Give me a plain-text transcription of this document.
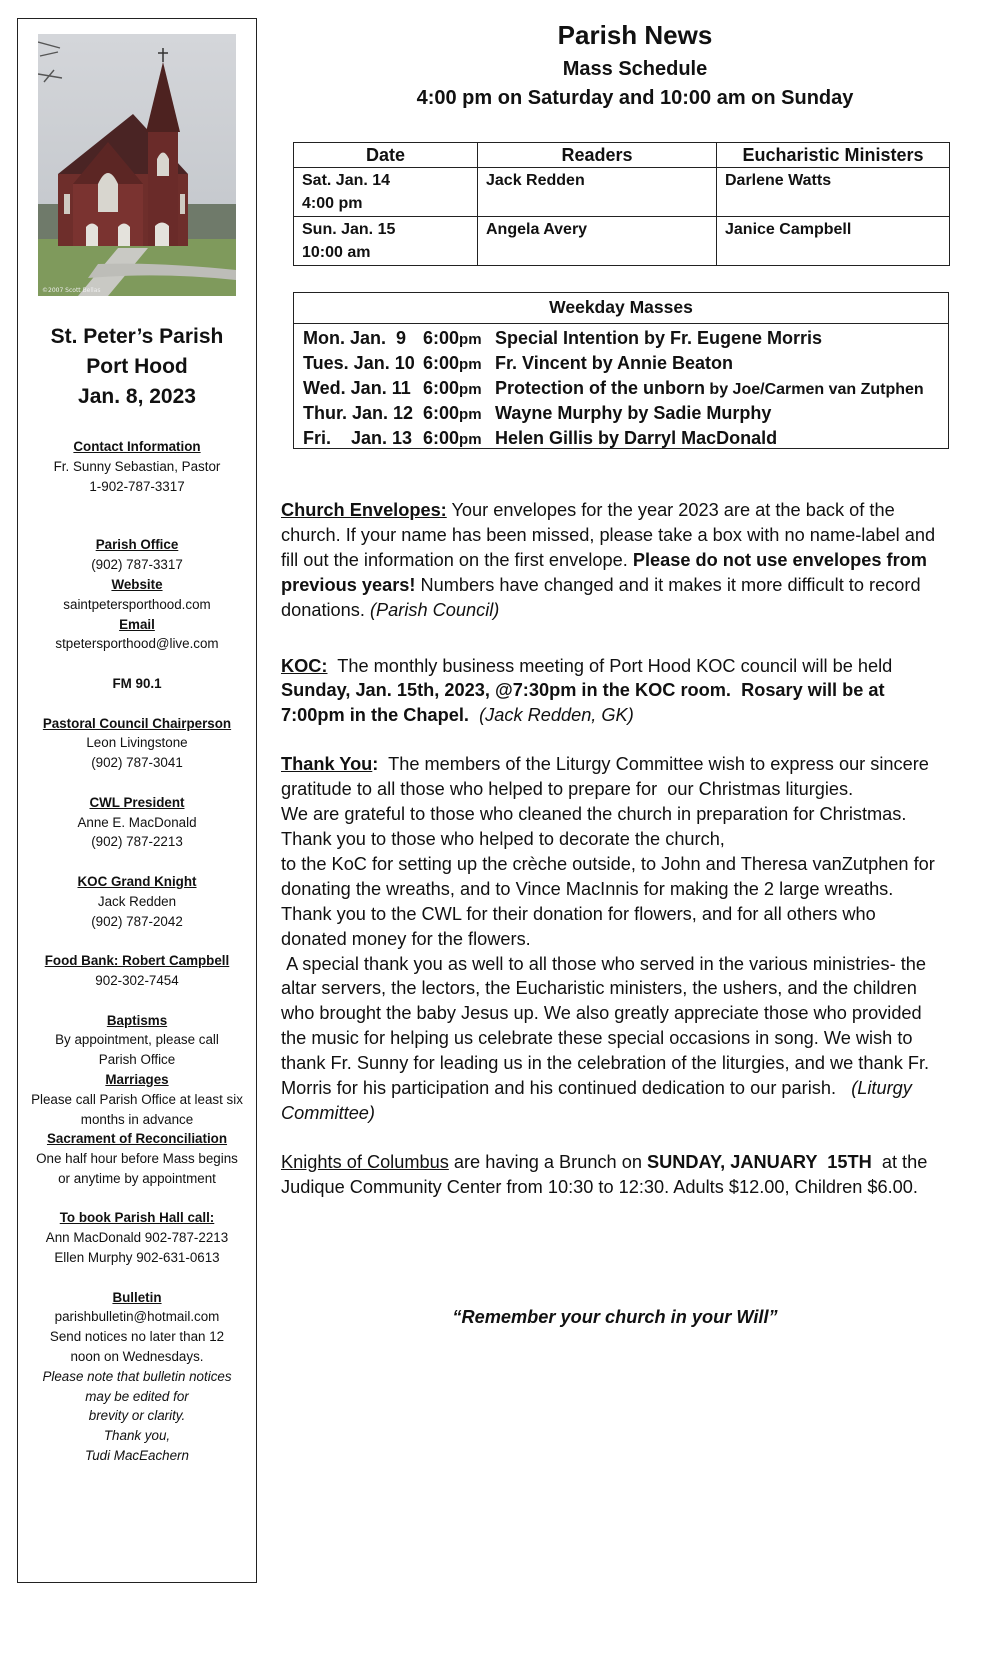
©2007 Scott Bellas
St. Peter’s Parish
Port Hood
Jan. 8, 2023
Contact Information
Fr. Sunny Sebastian, Pastor
1-902-787-3317
Parish Office
(902) 787-3317
Website
saintpetersporthood.com
Email
stpetersporthood@live.com
FM 90.1
Pastoral Council Chairperson
Leon Livingstone
(902) 787-3041
CWL President
Anne E. MacDonald
(902) 787-2213
KOC Grand Knight
Jack Redden
(902) 787-2042
Food Bank: Robert Campbell
902-302-7454
Baptisms
By appointment, please call
Parish Office
Marriages
Please call Parish Office at least six
months in advance
Sacrament of Reconciliation
One half hour before Mass begins
or anytime by appointment
To book Parish Hall call:
Ann MacDonald 902-787-2213
Ellen Murphy 902-631-0613
Bulletin
parishbulletin@hotmail.com
Send notices no later than 12
noon on Wednesdays.
Please note that bulletin notices
may be edited for
brevity or clarity.
Thank you,
Tudi MacEachern
Parish News
Mass Schedule
4:00 pm on Saturday and 10:00 am on Sunday
Date	Readers	Eucharistic Ministers
Sat. Jan. 14
4:00 pm	Jack Redden	Darlene Watts
Sun. Jan. 15
10:00 am	Angela Avery	Janice Campbell
Weekday Masses
Mon. Jan.  9 6:00pm Special Intention by Fr. Eugene Morris
Tues. Jan. 10 6:00pm Fr. Vincent by Annie Beaton
Wed. Jan. 11 6:00pm Protection of the unborn by Joe/Carmen van Zutphen
Thur. Jan. 12 6:00pm Wayne Murphy by Sadie Murphy
Fri.    Jan. 13 6:00pm Helen Gillis by Darryl MacDonald

Church Envelopes: Your envelopes for the year 2023 are at the back of the church. If your name has been missed, please take a box with no name-label and fill out the information on the first envelope. Please do not use envelopes from previous years! Numbers have changed and it makes it more difficult to record donations. (Parish Council)

KOC:  The monthly business meeting of Port Hood KOC council will be held Sunday, Jan. 15th, 2023, @7:30pm in the KOC room.  Rosary will be at 7:00pm in the Chapel.  (Jack Redden, GK)

Thank You:  The members of the Liturgy Committee wish to express our sincere gratitude to all those who helped to prepare for  our Christmas liturgies.

We are grateful to those who cleaned the church in preparation for Christmas. Thank you to those who helped to decorate the church,

to the KoC for setting up the crèche outside, to John and Theresa vanZutphen for donating the wreaths, and to Vince MacInnis for making the 2 large wreaths. Thank you to the CWL for their donation for flowers, and for all others who donated money for the flowers.

A special thank you as well to all those who served in the various ministries- the altar servers, the lectors, the Eucharistic ministers, the ushers, and the children who brought the baby Jesus up. We also greatly appreciate those who provided the music for helping us celebrate these special occasions in song. We wish to thank Fr. Sunny for leading us in the celebration of the liturgies, and we thank Fr. Morris for his participation and his continued dedication to our parish.   (Liturgy Committee)

Knights of Columbus are having a Brunch on SUNDAY, JANUARY  15TH  at the Judique Community Center from 10:30 to 12:30. Adults $12.00, Children $6.00.

“Remember your church in your Will”
